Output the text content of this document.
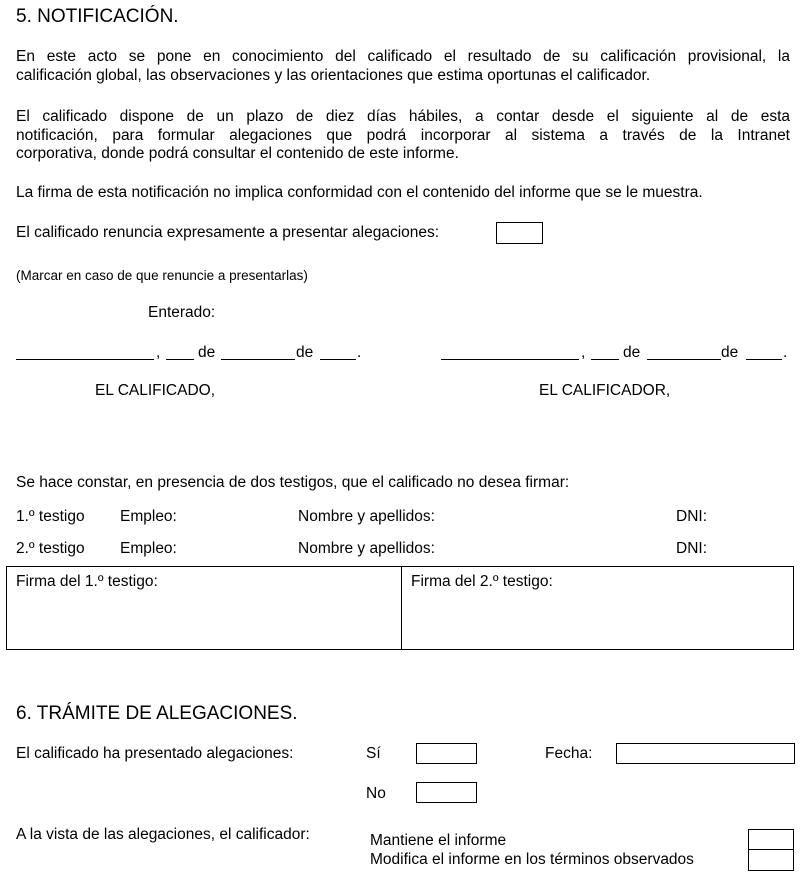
5. NOTIFICACIÓN.

En este acto se pone en conocimiento del calificado el resultado de su calificación provisional, la
calificación global, las observaciones y las orientaciones que estima oportunas el calificador.

El calificado dispone de un plazo de diez días hábiles, a contar desde el siguiente al de esta
notificación, para formular alegaciones que podrá incorporar al sistema a través de la Intranet
corporativa, donde podrá consultar el contenido de este informe.

La firma de esta notificación no implica conformidad con el contenido del informe que se le muestra.
El calificado renuncia expresamente a presentar alegaciones:
(Marcar en caso de que renuncie a presentarlas)
Enterado:
, de	de	.	, de	de	.
EL CALIFICADO,	EL CALIFICADOR,
Se hace constar, en presencia de dos testigos, que el calificado no desea firmar:
1.º testigo Empleo:	Nombre y apellidos:	DNI:
2.º testigo Empleo:	Nombre y apellidos:	DNI:
Firma del 1.º testigo:	Firma del 2.º testigo:
6. TRÁMITE DE ALEGACIONES.
El calificado ha presentado alegaciones:	Sí	Fecha:
No
A la vista de las alegaciones, el calificador:	Mantiene el informe
Modifica el informe en los términos observados
